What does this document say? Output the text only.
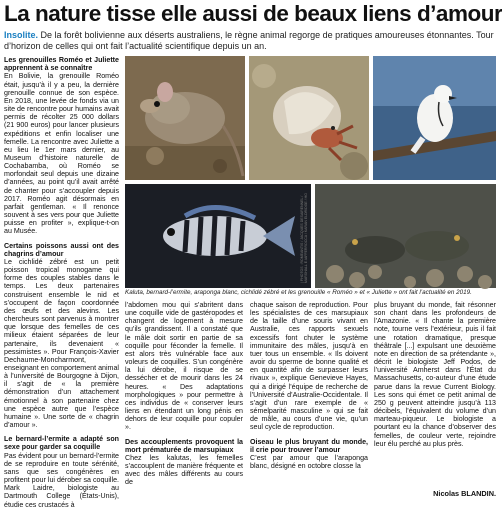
La nature tisse elle aussi de beaux liens d’amour
Insolite. De la forêt bolivienne aux déserts australiens, le règne animal regorge de pratiques amoureuses étonnantes. Tour d’horizon de celles qui ont fait l’actualité scientifique depuis un an.
| PHOTOS : ROMEANTIS / JACQUES DESAIRENNEL / MARSHALL E.IAFFERROCCA / KARAN ELDRIDGE / HO
Kaluta, bernard-l’ermite, araponga blanc, cichlidé zébré et les grenouille « Roméo » et « Juliette » ont fait l’actualité en 2019.

Les grenouilles Roméo et Juliette apprennent à se connaître

En Bolivie, la grenouille Roméo était, jusqu’à il y a peu, la dernière grenouille connue de son espèce. En 2018, une levée de fonds via un site de rencontre pour humains avait permis de récolter 25 000 dollars (21 900 euros) pour lancer plusieurs expéditions et enfin localiser une femelle. La rencontre avec Juliette a eu lieu le 1er mars dernier, au Museum d’histoire naturelle de Cochabamba, où Roméo se morfondait seul depuis une dizaine d’années, au point qu’il avait arrêté de chanter pour s’accoupler depuis 2017. Roméo agit désormais en parfait gentleman. « Il renonce souvent à ses vers pour que Juliette puisse en profiter », explique-t-on au Musée.

Certains poissons aussi ont des chagrins d’amour

Le cichlidé zébré est un petit poisson tropical monogame qui forme des couples stables dans le temps. Les deux partenaires construisent ensemble le nid et s’occupent de façon coordonnée des œufs et des alevins. Les chercheurs sont parvenus à montrer que lorsque des femelles de ces milieux étaient séparées de leur partenaire, ils devenaient « pessimistes ». Pour François-Xavier Dechaume-Moncharmont, enseignant en comportement animal à l’université de Bourgogne à Dijon, il s’agit de « la première démonstration d’un attachement émotionnel à son partenaire chez une espèce autre que l’espèce humaine ». Une sorte de « chagrin d’amour ».

Le bernard-l’ermite a adapté son sexe pour garder sa coquille

Pas évident pour un bernard-l’ermite de se reproduire en toute sérénité, sans que ses congénères en profitent pour lui dérober sa coquille. Mark Laidre, biologiste au Dartmouth College (États-Unis), étudie ces crustacés à

l’abdomen mou qui s’abritent dans une coquille vide de gastéropodes et changent de logement à mesure qu’ils grandissent. Il a constaté que le mâle doit sortir en partie de sa coquille pour féconder la femelle. Il est alors très vulnérable face aux voleurs de coquilles. S’un congénère la lui dérobe, il risque de se dessécher et de mourir dans les 24 heures. « Des adaptations morphologiques » pour permettre à ces individus de « conserver leurs liens en étendant un long pénis en dehors de leur coquille pour copuler ».

Des accouplements provoquent la mort prématurée de marsupiaux

Chez les kalutas, les femelles s’accouplent de manière fréquente et avec des mâles différents au cours de

chaque saison de reproduction. Pour les spécialistes de ces marsupiaux de la taille d’une souris vivant en Australie, ces rapports sexuels excessifs font chuter le système immunitaire des mâles, jusqu’à en tuer tous un ensemble. « Ils doivent avoir du sperme de bonne qualité et en quantité afin de surpasser leurs rivaux », explique Genevieve Hayes, qui a dirigé l’équipe de recherche de l’Université d’Australie-Occidentale. Il s’agit d’un rare exemple de « sémelparité masculine » qui se fait de mâle, au cours d’une vie, qu’un seul cycle de reproduction.

Oiseau le plus bruyant du monde, il crie pour trouver l’amour

C’est par amour que l’araponga blanc, désigné en octobre closse la

plus bruyant du monde, fait résonner son chant dans les profondeurs de l’Amazonie. « Il chante la première note, tourne vers l’extérieur, puis il fait une rotation dramatique, presque théâtrale [...] expulsant une deuxième note en direction de sa prétendante », décrit le biologiste Jeff Podos, de l’université Amherst dans l’État du Massachusetts, co-auteur d’une étude parue dans la revue Current Biology. Les sons qui émet ce petit animal de 250 g peuvent atteindre jusqu’à 113 décibels, l’équivalent du volume d’un marteau-piqueur. Le biologiste a pourtant eu la chance d’observer des femelles, de couleur verte, rejoindre leur élu perché au plus près.

Nicolas BLANDIN.
